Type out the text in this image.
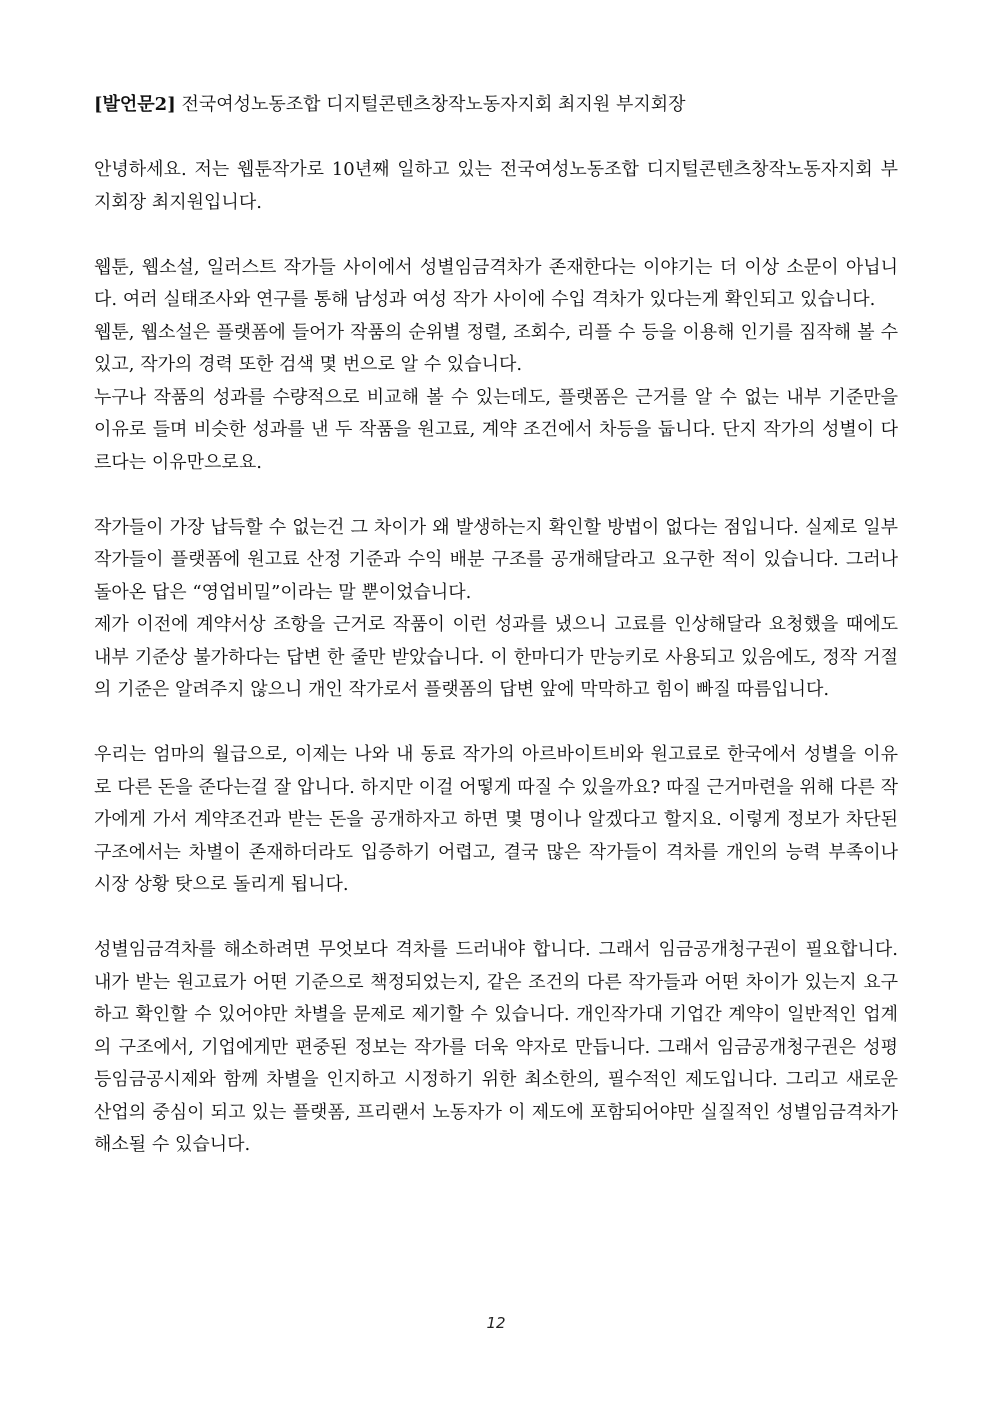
[발언문2] 전국여성노동조합 디지털콘텐츠창작노동자지회 최지원 부지회장

안녕하세요. 저는 웹툰작가로 10년째 일하고 있는 전국여성노동조합 디지털콘텐츠창작노동자지회 부지회장 최지원입니다.

웹툰, 웹소설, 일러스트 작가들 사이에서 성별임금격차가 존재한다는 이야기는 더 이상 소문이 아닙니다. 여러 실태조사와 연구를 통해 남성과 여성 작가 사이에 수입 격차가 있다는게 확인되고 있습니다.

웹툰, 웹소설은 플랫폼에 들어가 작품의 순위별 정렬, 조회수, 리플 수 등을 이용해 인기를 짐작해 볼 수 있고, 작가의 경력 또한 검색 몇 번으로 알 수 있습니다.

누구나 작품의 성과를 수량적으로 비교해 볼 수 있는데도, 플랫폼은 근거를 알 수 없는 내부 기준만을 이유로 들며 비슷한 성과를 낸 두 작품을 원고료, 계약 조건에서 차등을 둡니다. 단지 작가의 성별이 다르다는 이유만으로요.

작가들이 가장 납득할 수 없는건 그 차이가 왜 발생하는지 확인할 방법이 없다는 점입니다. 실제로 일부 작가들이 플랫폼에 원고료 산정 기준과 수익 배분 구조를 공개해달라고 요구한 적이 있습니다. 그러나 돌아온 답은 “영업비밀”이라는 말 뿐이었습니다.

제가 이전에 계약서상 조항을 근거로 작품이 이런 성과를 냈으니 고료를 인상해달라 요청했을 때에도 내부 기준상 불가하다는 답변 한 줄만 받았습니다. 이 한마디가 만능키로 사용되고 있음에도, 정작 거절의 기준은 알려주지 않으니 개인 작가로서 플랫폼의 답변 앞에 막막하고 힘이 빠질 따름입니다.

우리는 엄마의 월급으로, 이제는 나와 내 동료 작가의 아르바이트비와 원고료로 한국에서 성별을 이유로 다른 돈을 준다는걸 잘 압니다. 하지만 이걸 어떻게 따질 수 있을까요? 따질 근거마련을 위해 다른 작가에게 가서 계약조건과 받는 돈을 공개하자고 하면 몇 명이나 알겠다고 할지요. 이렇게 정보가 차단된 구조에서는 차별이 존재하더라도 입증하기 어렵고, 결국 많은 작가들이 격차를 개인의 능력 부족이나 시장 상황 탓으로 돌리게 됩니다.

성별임금격차를 해소하려면 무엇보다 격차를 드러내야 합니다. 그래서 임금공개청구권이 필요합니다. 내가 받는 원고료가 어떤 기준으로 책정되었는지, 같은 조건의 다른 작가들과 어떤 차이가 있는지 요구하고 확인할 수 있어야만 차별을 문제로 제기할 수 있습니다. 개인작가대 기업간 계약이 일반적인 업계의 구조에서, 기업에게만 편중된 정보는 작가를 더욱 약자로 만듭니다. 그래서 임금공개청구권은 성평등임금공시제와 함께 차별을 인지하고 시정하기 위한 최소한의, 필수적인 제도입니다. 그리고 새로운 산업의 중심이 되고 있는 플랫폼, 프리랜서 노동자가 이 제도에 포함되어야만 실질적인 성별임금격차가 해소될 수 있습니다.

12
